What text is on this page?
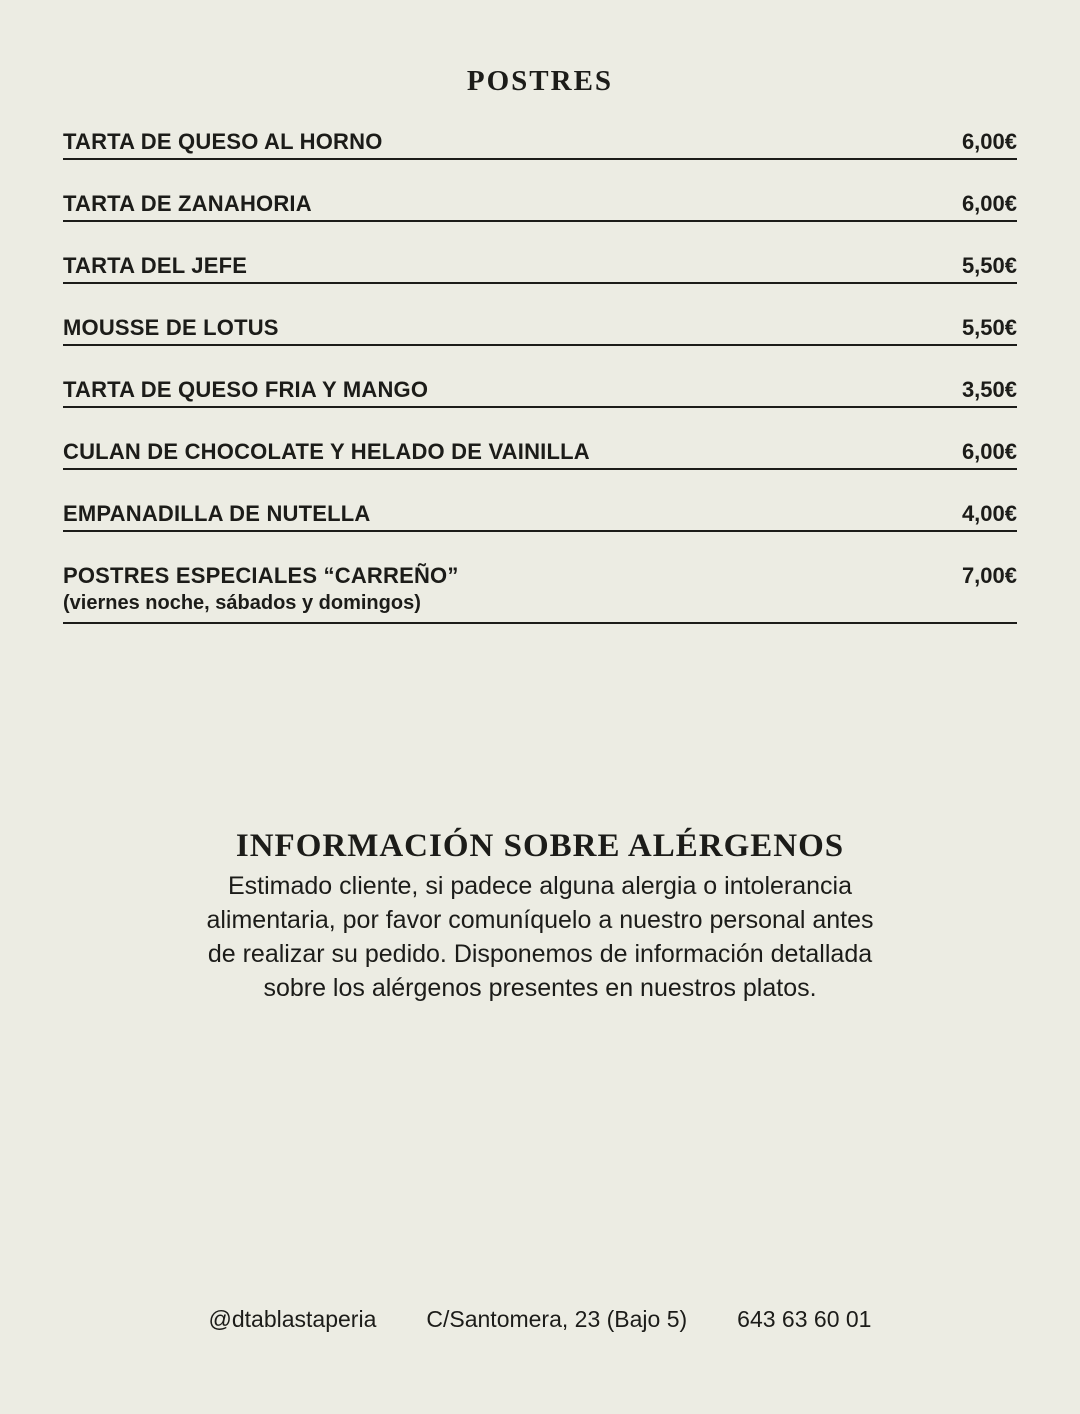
POSTRES
TARTA DE QUESO AL HORNO	6,00€
TARTA DE ZANAHORIA	6,00€
TARTA DEL JEFE	5,50€
MOUSSE DE LOTUS	5,50€
TARTA DE QUESO FRIA Y MANGO	3,50€
CULAN DE CHOCOLATE Y HELADO DE VAINILLA	6,00€
EMPANADILLA DE NUTELLA	4,00€
POSTRES ESPECIALES “CARREÑO”	7,00€
(viernes noche, sábados y domingos)
INFORMACIÓN SOBRE ALÉRGENOS

Estimado cliente, si padece alguna alergia o intolerancia alimentaria, por favor comuníquelo a nuestro personal antes de realizar su pedido. Disponemos de información detallada sobre los alérgenos presentes en nuestros platos.

@dtablastaperia C/Santomera, 23 (Bajo 5) 643 63 60 01
